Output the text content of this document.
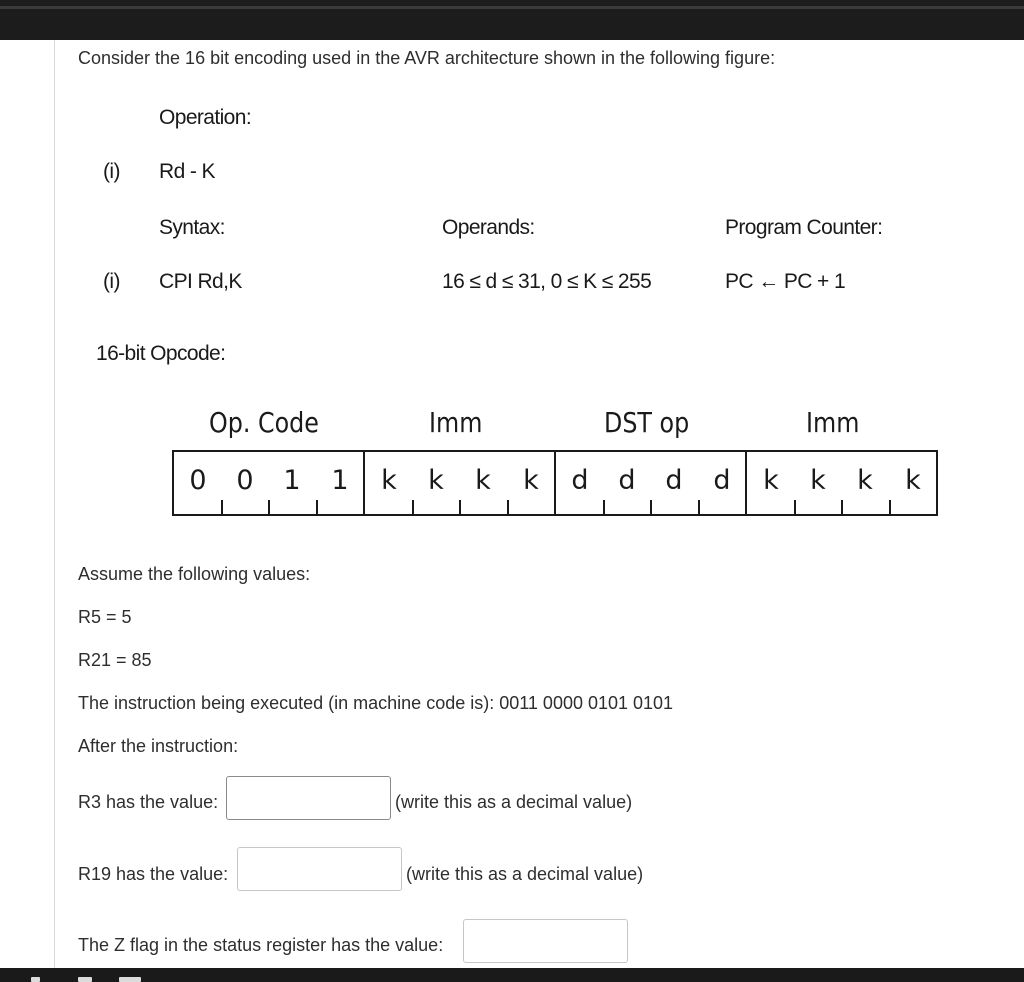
Consider the 16 bit encoding used in the AVR architecture shown in the following figure:
Operation:
(i) Rd - K
Syntax:	Operands:	Program Counter:
(i) CPI Rd,K	16 ≤ d ≤ 31, 0 ≤ K ≤ 255	PC ← PC + 1
16-bit Opcode:
Op. Code	Imm	DST op	Imm
0 0 1 1 k k k k d d d d k k k k
Assume the following values:
R5 = 5
R21 = 85
The instruction being executed (in machine code is): 0011 0000 0101 0101
After the instruction:
R3 has the value:	(write this as a decimal value)
R19 has the value:	(write this as a decimal value)
The Z flag in the status register has the value:
